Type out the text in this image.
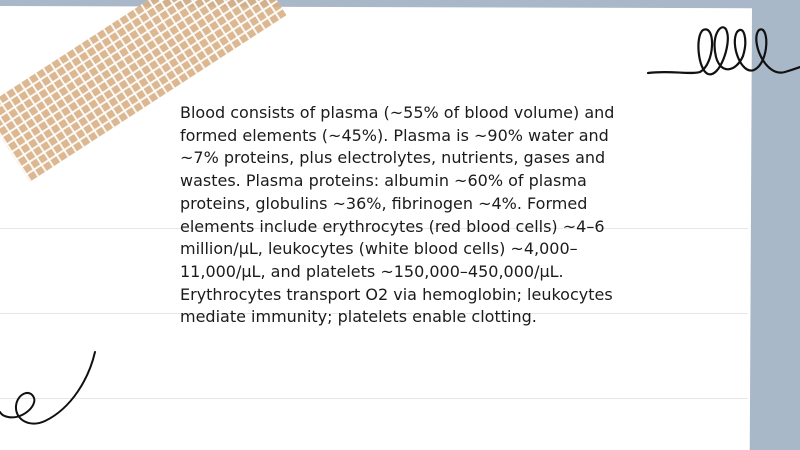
Blood consists of plasma (~55% of blood volume) and formed elements (~45%). Plasma is ~90% water and ~7% proteins, plus electrolytes, nutrients, gases and wastes. Plasma proteins: albumin ~60% of plasma proteins, globulins ~36%, fibrinogen ~4%. Formed elements include erythrocytes (red blood cells) ~4–6 million/μL, leukocytes (white blood cells) ~4,000–11,000/μL, and platelets ~150,000–450,000/μL. Erythrocytes transport O2 via hemoglobin; leukocytes mediate immunity; platelets enable clotting.
